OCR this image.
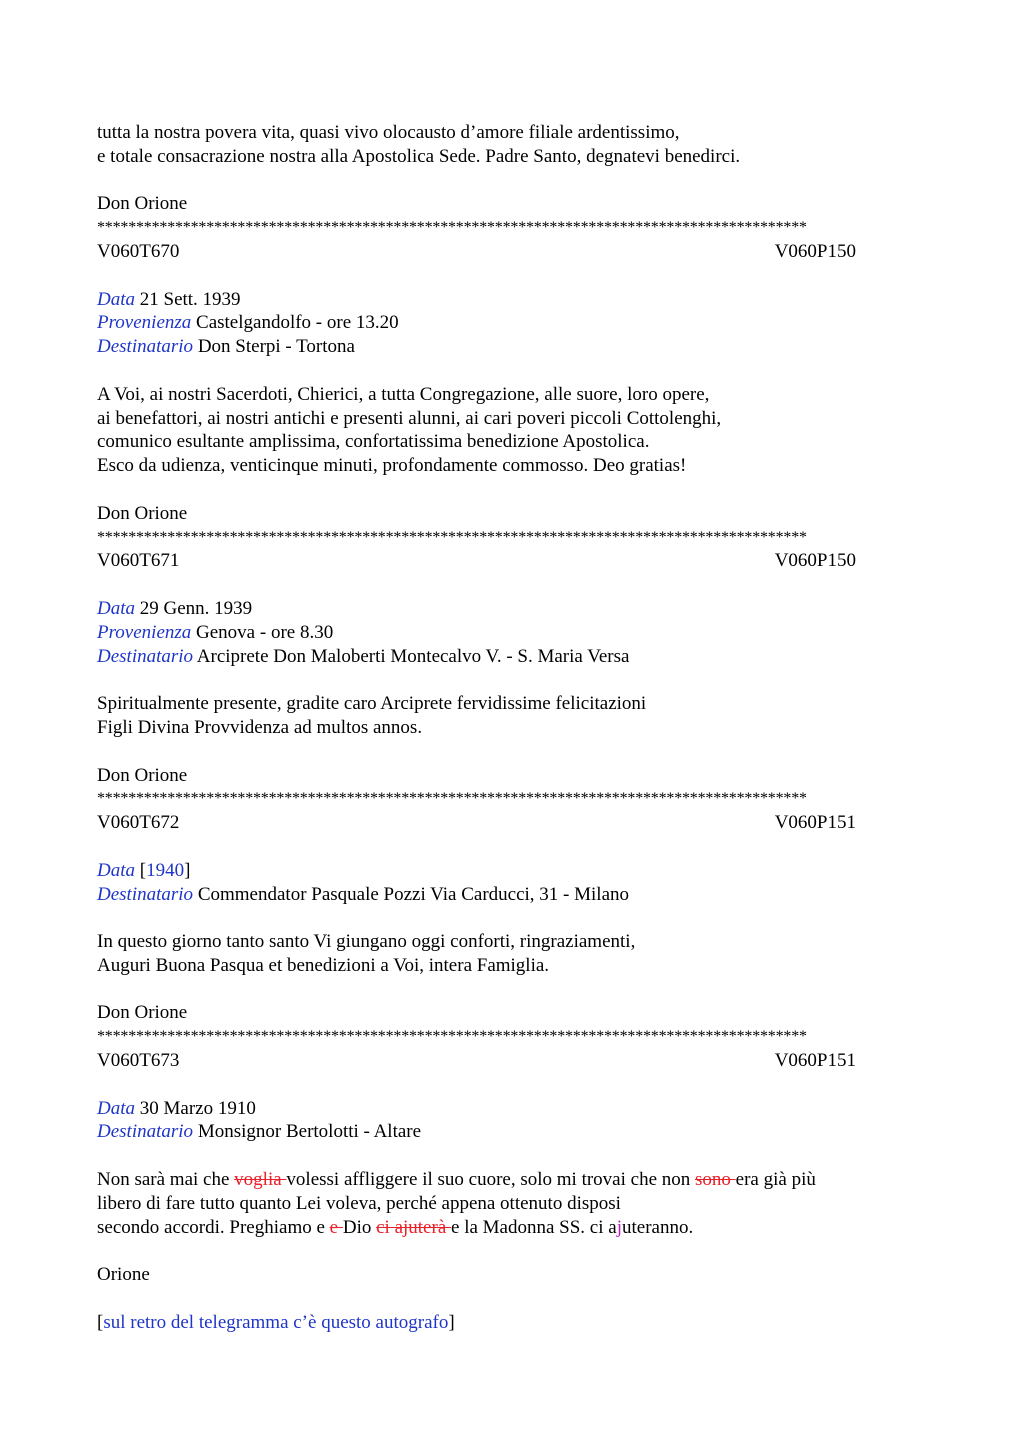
tutta la nostra povera vita, quasi vivo olocausto d’amore filiale ardentissimo,
e totale consacrazione nostra alla Apostolica Sede. Padre Santo, degnatevi benedirci.
Don Orione
*******************************************************************************************
V060T670	V060P150
Data 21 Sett. 1939
Provenienza Castelgandolfo - ore 13.20
Destinatario Don Sterpi - Tortona
A Voi, ai nostri Sacerdoti, Chierici, a tutta Congregazione, alle suore, loro opere,
ai benefattori, ai nostri antichi e presenti alunni, ai cari poveri piccoli Cottolenghi,
comunico esultante amplissima, confortatissima benedizione Apostolica.
Esco da udienza, venticinque minuti, profondamente commosso. Deo gratias!
Don Orione
*******************************************************************************************
V060T671	V060P150
Data 29 Genn. 1939
Provenienza Genova - ore 8.30
Destinatario Arciprete Don Maloberti Montecalvo V. - S. Maria Versa
Spiritualmente presente, gradite caro Arciprete fervidissime felicitazioni
Figli Divina Provvidenza ad multos annos.
Don Orione
*******************************************************************************************
V060T672	V060P151
Data [1940]
Destinatario Commendator Pasquale Pozzi Via Carducci, 31 - Milano
In questo giorno tanto santo Vi giungano oggi conforti, ringraziamenti,
Auguri Buona Pasqua et benedizioni a Voi, intera Famiglia.
Don Orione
*******************************************************************************************
V060T673	V060P151
Data 30 Marzo 1910
Destinatario Monsignor Bertolotti - Altare
Non sarà mai che voglia volessi affliggere il suo cuore, solo mi trovai che non sono era già più
libero di fare tutto quanto Lei voleva, perché appena ottenuto disposi
secondo accordi. Preghiamo e e Dio ci ajuterà e la Madonna SS. ci ajuteranno.
Orione
[sul retro del telegramma c’è questo autografo]
